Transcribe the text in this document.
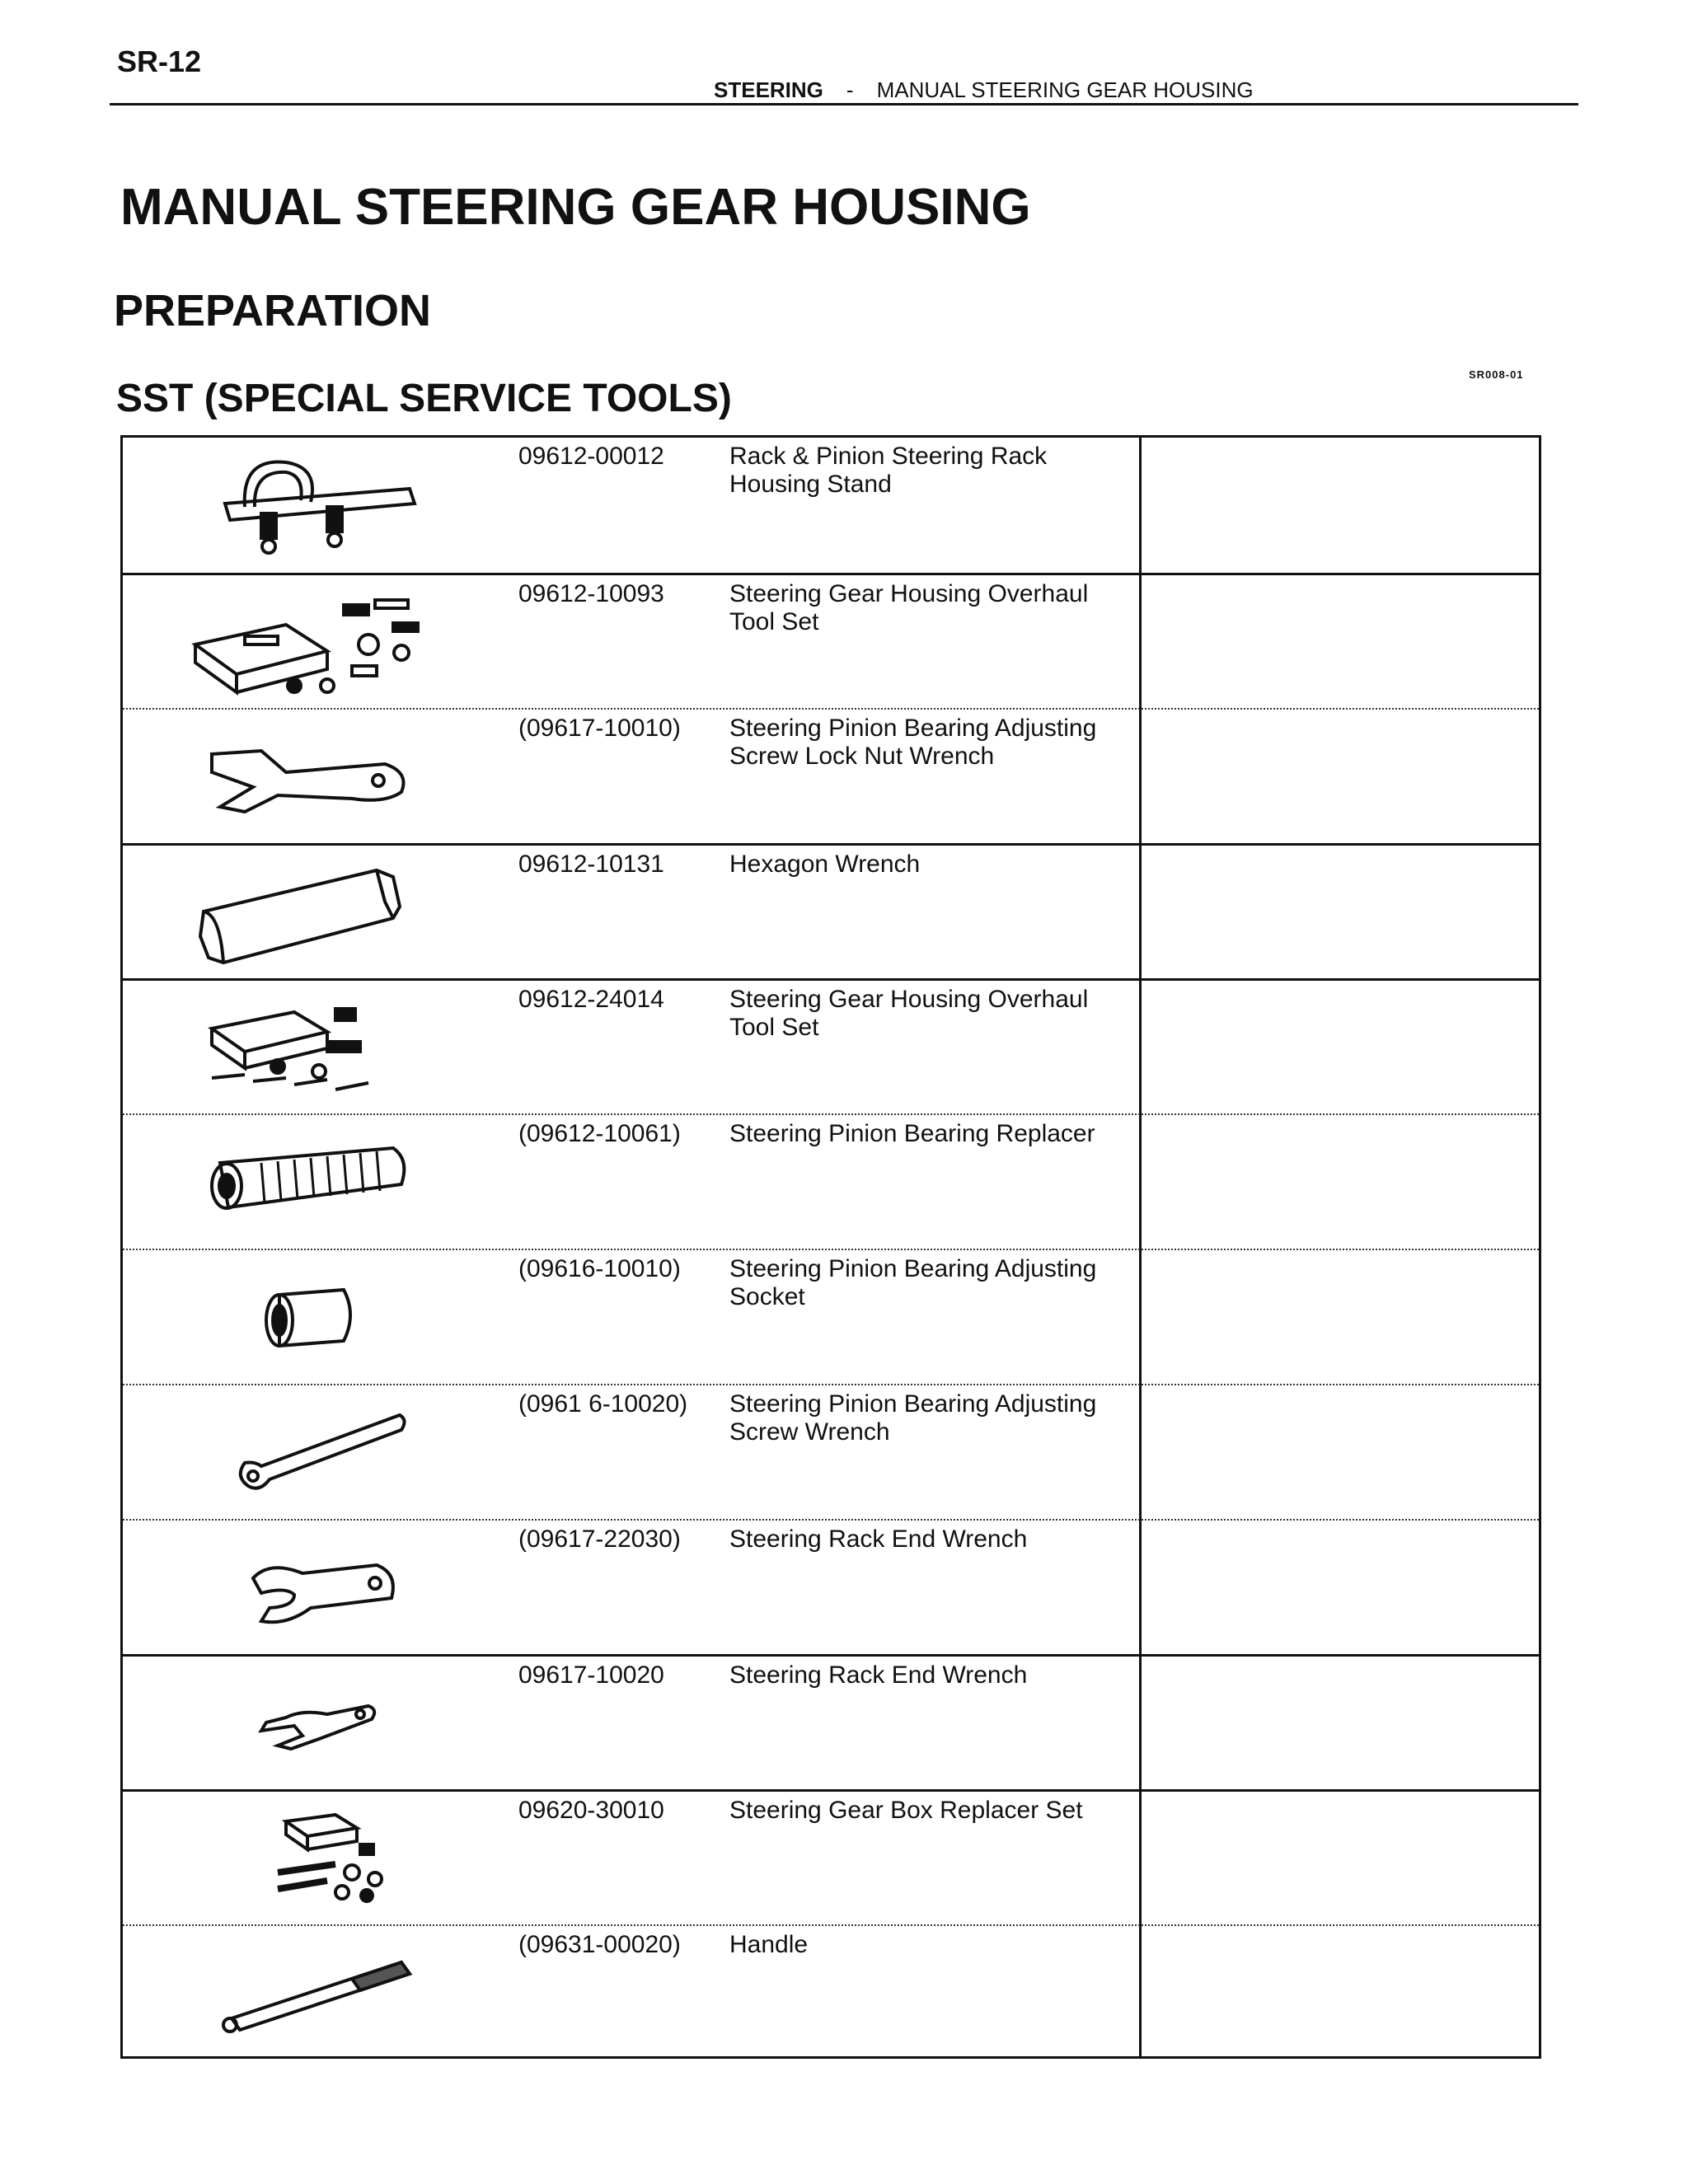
SR-12
STEERING - MANUAL STEERING GEAR HOUSING
MANUAL STEERING GEAR HOUSING
PREPARATION
SST (SPECIAL SERVICE TOOLS)
SR008-01
09612-00012	Rack & Pinion Steering Rack Housing Stand
09612-10093	Steering Gear Housing Overhaul Tool Set
(09617-10010) Steering Pinion Bearing Adjusting Screw Lock Nut Wrench
09612-10131	Hexagon Wrench
09612-24014	Steering Gear Housing Overhaul Tool Set
(09612-10061) Steering Pinion Bearing Replacer
(09616-10010) Steering Pinion Bearing Adjusting Socket
(0961 6-10020) Steering Pinion Bearing Adjusting Screw Wrench
(09617-22030) Steering Rack End Wrench
09617-10020	Steering Rack End Wrench
09620-30010	Steering Gear Box Replacer Set
(09631-00020) Handle
